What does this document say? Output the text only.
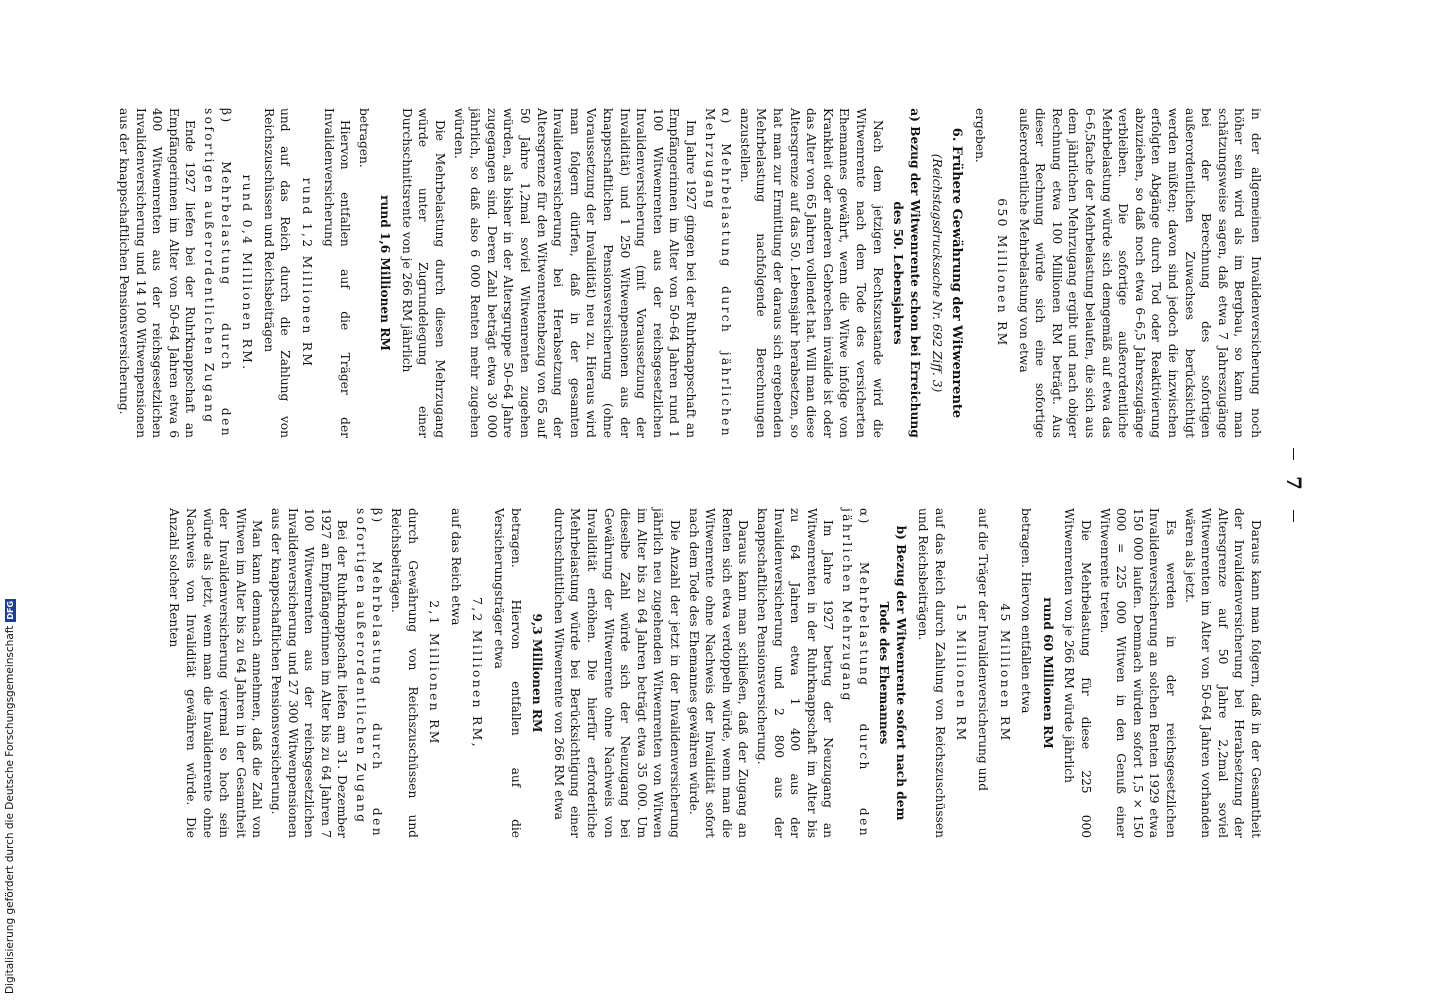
7

in der allgemeinen Invalidenversicherung noch höher sein wird als im Bergbau, so kann man schätzungsweise sagen, daß etwa 7 Jahreszugänge bei der Berechnung des sofortigen außerordentlichen Zuwachses berücksichtigt werden müßten; davon sind jedoch die inzwischen erfolgten Abgänge durch Tod oder Reaktivierung abzuziehen, so daß noch etwa 6–6,5 Jahreszugänge verbleiben. Die sofortige außerordentliche Mehrbelastung würde sich demgemäß auf etwa das 6–6,5fache der Mehrbelastung belaufen, die sich aus dem jährlichen Mehrzugang ergibt und nach obiger Rechnung etwa 100 Millionen RM beträgt. Aus dieser Rechnung würde sich eine sofortige außerordentliche Mehrbelastung von etwa

650 Millionen RM

ergeben.

6. Frühere Gewährung der Witwenrente
(Reichstagsdrucksache Nr. 692 Ziff. 3)

a) Bezug der Witwenrente schon bei Erreichung des 50. Lebensjahres

Nach dem jetzigen Rechtszustande wird die Witwenrente nach dem Tode des versicherten Ehemannes gewährt, wenn die Witwe infolge von Krankheit oder anderen Gebrechen invalide ist oder das Alter von 65 Jahren vollendet hat. Will man diese Altersgrenze auf das 50. Lebensjahr herabsetzen, so hat man zur Ermittlung der daraus sich ergebenden Mehrbelastung nachfolgende Berechnungen anzustellen.

α) Mehrbelastung durch jährlichen Mehrzugang

Im Jahre 1927 gingen bei der Ruhrknappschaft an Empfängerinnen im Alter von 50–64 Jahren rund 1 100 Witwenrenten aus der reichsgesetzlichen Invalidenversicherung (mit Voraussetzung der Invalidität) und 1 250 Witwenpensionen aus der knappschaftlichen Pensionsversicherung (ohne Voraussetzung der Invalidität) neu zu. Hieraus wird man folgern dürfen, daß in der gesamten Invalidenversicherung bei Herabsetzung der Altersgrenze für den Witwenrentenbezug von 65 auf 50 Jahre 1,2mal soviel Witwenrenten zugehen würden, als bisher in der Altersgruppe 50–64 Jahre zugegangen sind. Deren Zahl beträgt etwa 30 000 jährlich, so daß also 6 000 Renten mehr zugehen würden.

Die Mehrbelastung durch diesen Mehrzugang würde unter Zugrundelegung einer Durchschnittsrente von je 266 RM jährlich

rund 1,6 Millionen RM

betragen.

Hiervon entfallen auf die Träger der Invalidenversicherung

rund 1,2 Millionen RM

und auf das Reich durch die Zahlung von Reichszuschüssen und Reichsbeiträgen

rund 0,4 Millionen RM.

β) Mehrbelastung durch den sofortigen außerordentlichen Zugang

Ende 1927 liefen bei der Ruhrknappschaft an Empfängerinnen im Alter von 50–64 Jahren etwa 6 400 Witwenrenten aus der reichsgesetzlichen Invalidenversicherung und 14 100 Witwenpensionen aus der knappschaftlichen Pensionsversicherung.

Daraus kann man folgern, daß in der Gesamtheit der Invalidenversicherung bei Herabsetzung der Altersgrenze auf 50 Jahre 2,2mal soviel Witwenrenten im Alter von 50–64 Jahren vorhanden wären als jetzt.

Es werden in der reichsgesetzlichen Invalidenversicherung an solchen Renten 1929 etwa 150 000 laufen. Demnach würden sofort 1,5 × 150 000 = 225 000 Witwen in den Genuß einer Witwenrente treten.

Die Mehrbelastung für diese 225 000 Witwenrenten von je 266 RM würde jährlich

rund 60 Millionen RM

betragen. Hiervon entfallen etwa

45 Millionen RM

auf die Träger der Invalidenversicherung und

15 Millionen RM

auf das Reich durch Zahlung von Reichszuschüssen und Reichsbeiträgen.

b) Bezug der Witwenrente sofort nach dem Tode des Ehemannes

α) Mehrbelastung durch den jährlichen Mehrzugang

Im Jahre 1927 betrug der Neuzugang an Witwenrenten in der Ruhrknappschaft im Alter bis zu 64 Jahren etwa 1 400 aus der Invalidenversicherung und 2 800 aus der knappschaftlichen Pensionsversicherung.

Daraus kann man schließen, daß der Zugang an Renten sich etwa verdoppeln würde, wenn man die Witwenrente ohne Nachweis der Invalidität sofort nach dem Tode des Ehemannes gewähren würde.

Die Anzahl der jetzt in der Invalidenversicherung jährlich neu zugehenden Witwenrenten von Witwen im Alter bis zu 64 Jahren beträgt etwa 35 000. Um dieselbe Zahl würde sich der Neuzugang bei Gewährung der Witwenrente ohne Nachweis von Invalidität erhöhen. Die hierfür erforderliche Mehrbelastung würde bei Berücksichtigung einer durchschnittlichen Witwenrente von 266 RM etwa

9,3 Millionen RM

betragen. Hiervon entfallen auf die Versicherungsträger etwa

7,2 Millionen RM,

auf das Reich etwa

2,1 Millionen RM

durch Gewährung von Reichszuschüssen und Reichsbeiträgen.

β) Mehrbelastung durch den sofortigen außerordentlichen Zugang

Bei der Ruhrknappschaft liefen am 31. Dezember 1927 an Empfängerinnen im Alter bis zu 64 Jahren 7 100 Witwenrenten aus der reichsgesetzlichen Invalidenversicherung und 27 300 Witwenpensionen aus der knappschaftlichen Pensionsversicherung.

Man kann demnach annehmen, daß die Zahl von Witwen im Alter bis zu 64 Jahren in der Gesamtheit der Invalidenversicherung viermal so hoch sein würde als jetzt, wenn man die Invalidenrente ohne Nachweis von Invalidität gewähren würde. Die Anzahl solcher Renten

Digitalisierung gefördert durch die Deutsche Forschungsgemeinschaft
DFG
